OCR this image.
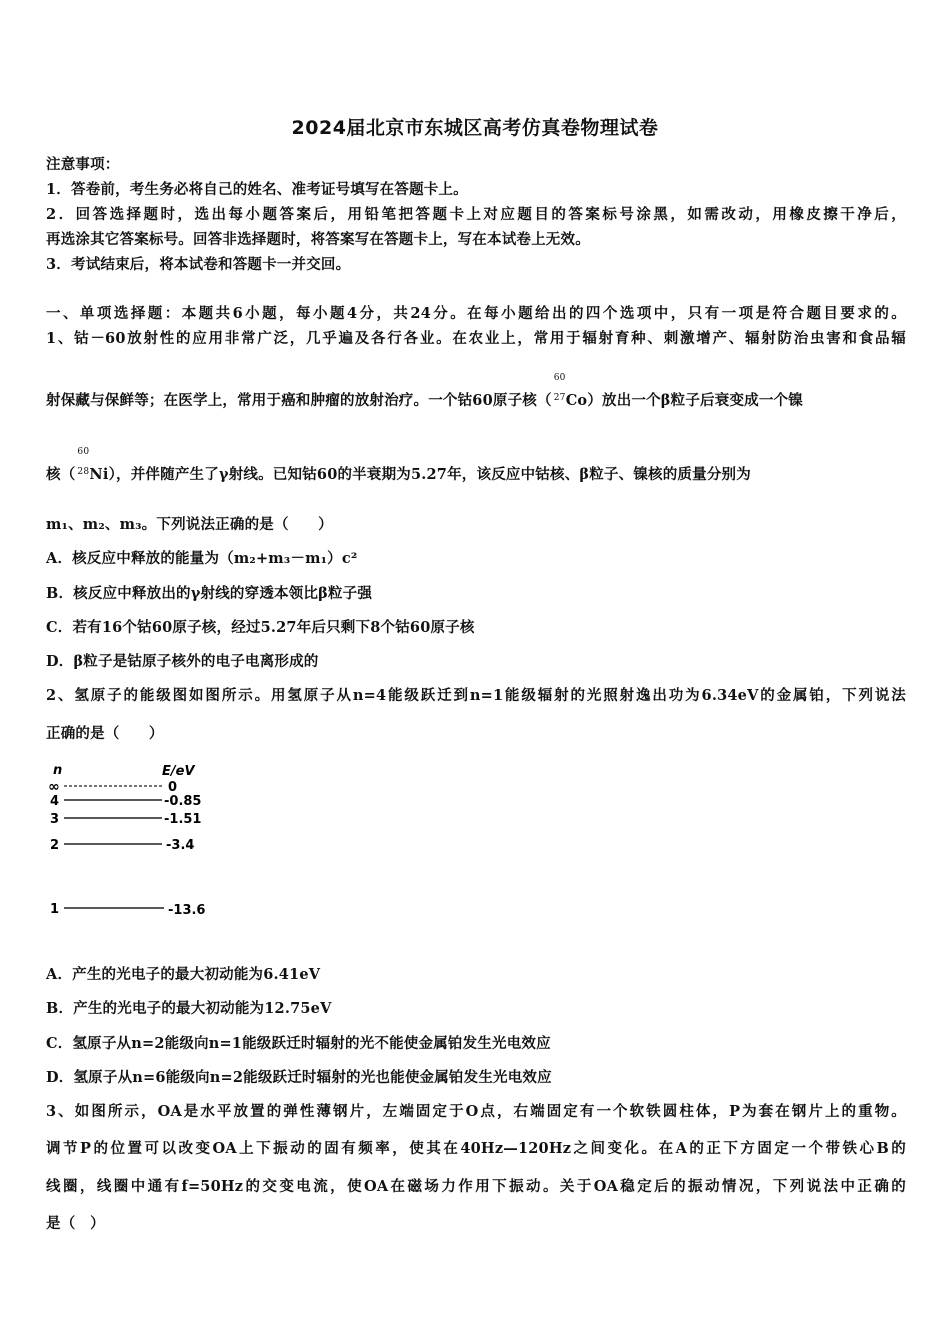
2024届北京市东城区高考仿真卷物理试卷
注意事项：
1．答卷前，考生务必将自己的姓名、准考证号填写在答题卡上。
2．回答选择题时，选出每小题答案后，用铅笔把答题卡上对应题目的答案标号涂黑，如需改动，用橡皮擦干净后，
再选涂其它答案标号。回答非选择题时，将答案写在答题卡上，写在本试卷上无效。
3．考试结束后，将本试卷和答题卡一并交回。
一、单项选择题：本题共6小题，每小题4分，共24分。在每小题给出的四个选项中，只有一项是符合题目要求的。
1、钴－60放射性的应用非常广泛，几乎遍及各行各业。在农业上，常用于辐射育种、刺激增产、辐射防治虫害和食品辐
射保藏与保鲜等；在医学上，常用于癌和肿瘤的放射治疗。一个钴60原子核（
60
27 Co）放出一个β粒子后衰变成一个镍
核（
60
28 Ni），并伴随产生了γ射线。已知钴60的半衰期为5.27年，该反应中钴核、β粒子、镍核的质量分别为
m₁、m₂、m₃。下列说法正确的是（　　）
A．核反应中释放的能量为（m₂+m₃－m₁）c²
B．核反应中释放出的γ射线的穿透本领比β粒子强
C．若有16个钴60原子核，经过5.27年后只剩下8个钴60原子核
D．β粒子是钴原子核外的电子电离形成的
2、氢原子的能级图如图所示。用氢原子从n=4能级跃迁到n=1能级辐射的光照射逸出功为6.34eV的金属铂，下列说法
正确的是（　　）
n	E/eV
∞	0
4	-0.85
3	-1.51
2	-3.4
1	-13.6
A．产生的光电子的最大初动能为6.41eV
B．产生的光电子的最大初动能为12.75eV
C．氢原子从n=2能级向n=1能级跃迁时辐射的光不能使金属铂发生光电效应
D．氢原子从n=6能级向n=2能级跃迁时辐射的光也能使金属铂发生光电效应
3、如图所示，OA是水平放置的弹性薄钢片，左端固定于O点，右端固定有一个软铁圆柱体，P为套在钢片上的重物。
调节P的位置可以改变OA上下振动的固有频率，使其在40Hz—120Hz之间变化。在A的正下方固定一个带铁心B的
线圈，线圈中通有f=50Hz的交变电流，使OA在磁场力作用下振动。关于OA稳定后的振动情况，下列说法中正确的
是（　）
